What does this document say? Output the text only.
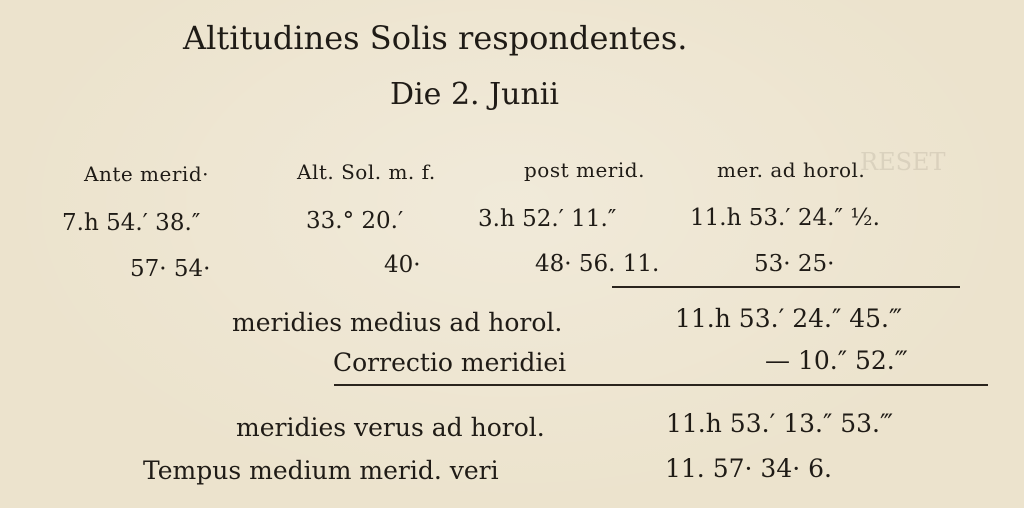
RESET
Altitudines Solis respondentes.
Die 2. Junii
Ante merid·	Alt. Sol. m. f.	post merid.	mer. ad horol.
7.h 54.′ 38.″	33.° 20.′	3.h 52.′ 11.″	11.h 53.′ 24.″ ½.
57· 54·	40·	48· 56. 11.	53· 25·
meridies medius ad horol.	11.h 53.′ 24.″ 45.‴
Correctio meridiei	— 10.″ 52.‴
meridies verus ad horol.	11.h 53.′ 13.″ 53.‴
Tempus medium merid. veri	11. 57· 34· 6.
